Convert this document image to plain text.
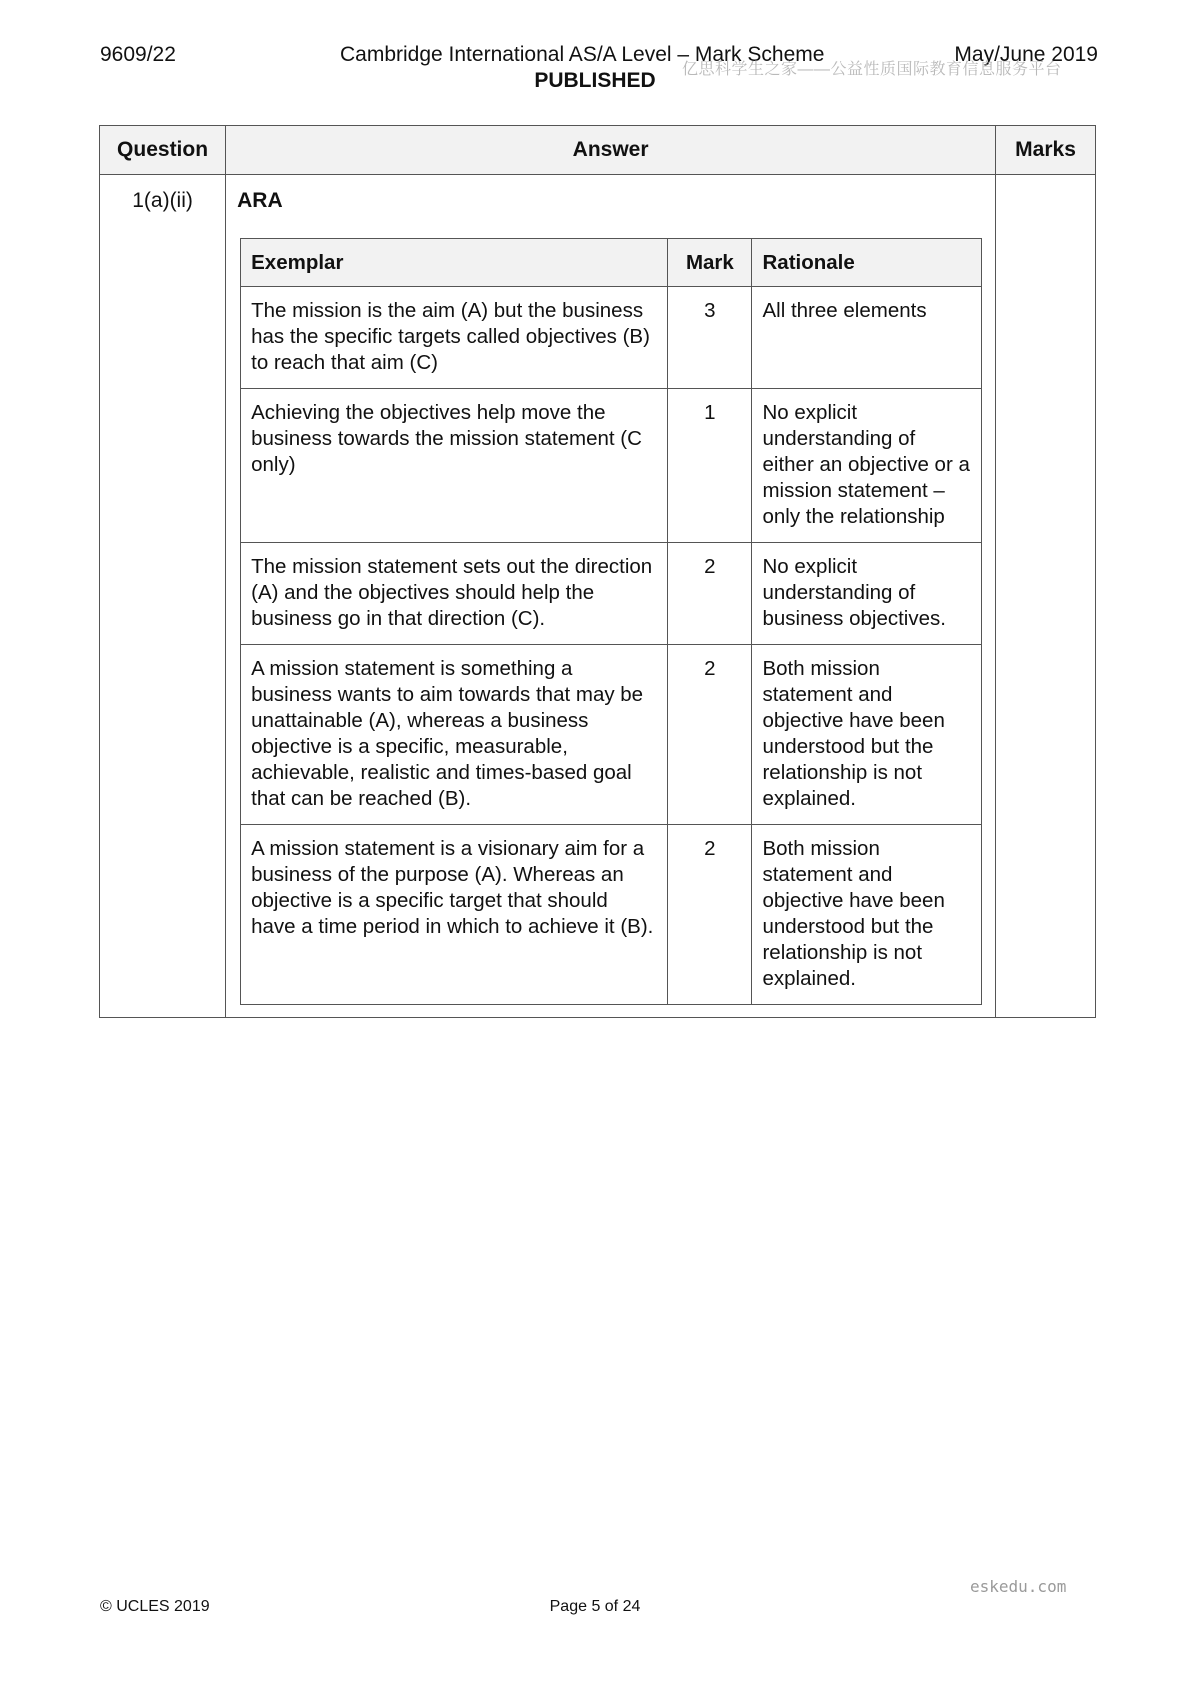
9609/22	Cambridge International AS/A Level – Mark Scheme	May/June 2019
PUBLISHED	亿思科学生之家——公益性质国际教育信息服务平台
Question	Answer	Marks
1(a)(ii)	ARA
Exemplar	Mark	Rationale
The mission is the aim (A) but the business has the specific targets called objectives (B) to reach that aim (C)	3	All three elements
Achieving the objectives help move the business towards the mission statement (C only)	1	No explicit understanding of either an objective or a mission statement – only the relationship
The mission statement sets out the direction (A) and the objectives should help the business go in that direction (C).	2	No explicit understanding of business objectives.
A mission statement is something a business wants to aim towards that may be unattainable (A), whereas a business objective is a specific, measurable, achievable, realistic and times-based goal that can be reached (B).	2	Both mission statement and objective have been understood but the relationship is not explained.
A mission statement is a visionary aim for a business of the purpose (A). Whereas an objective is a specific target that should have a time period in which to achieve it (B).	2	Both mission statement and objective have been understood but the relationship is not explained.

eskedu.com
© UCLES 2019	Page 5 of 24
